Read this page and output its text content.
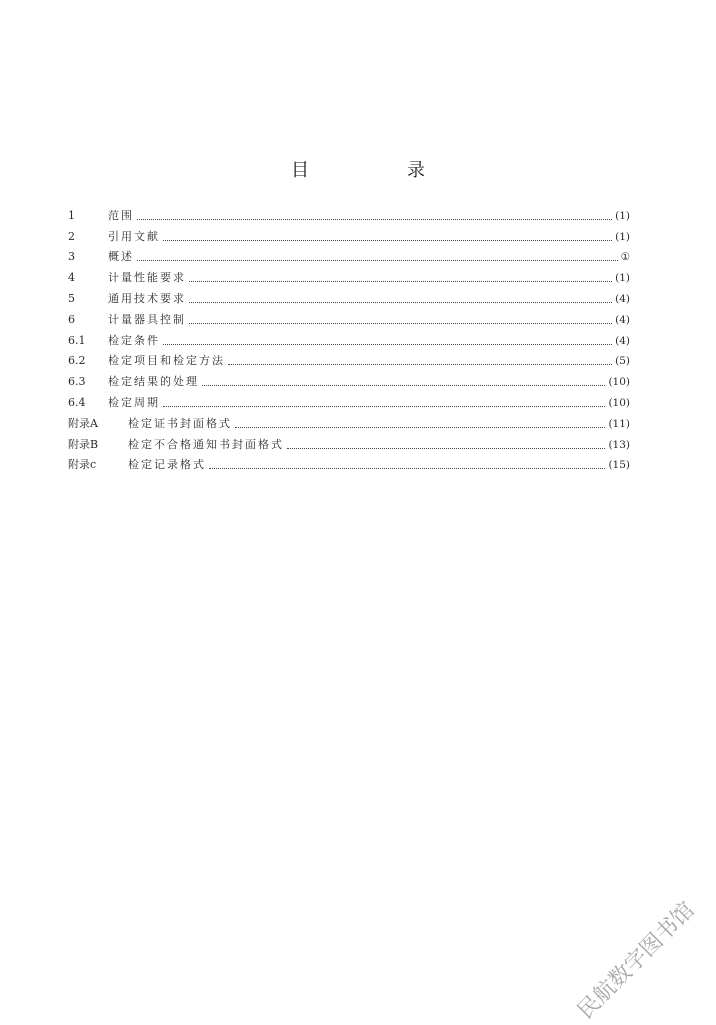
目　录
1	范围	(1)
2	引用文献	(1)
3	概述	①
4	计量性能要求	(1)
5	通用技术要求	(4)
6	计量器具控制	(4)
6.1	检定条件	(4)
6.2	检定项目和检定方法	(5)
6.3	检定结果的处理	(10)
6.4	检定周期	(10)
附录A	检定证书封面格式	(11)
附录B	检定不合格通知书封面格式	(13)
附录c	检定记录格式	(15)
民航数字图书馆
